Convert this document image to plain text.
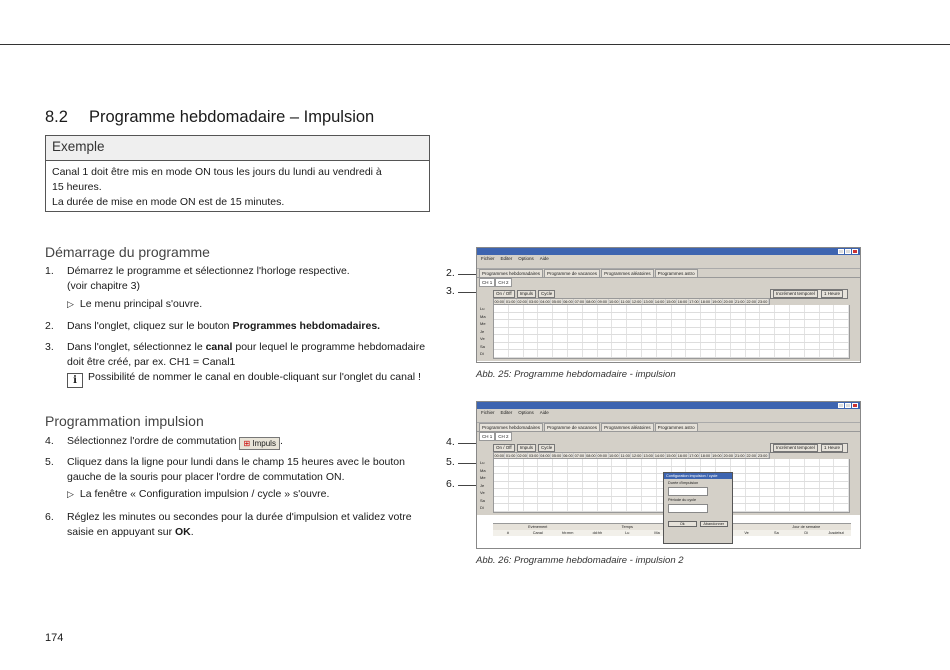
8.2 Programme hebdomadaire – Impulsion
Exemple
Canal 1 doit être mis en mode ON tous les jours du lundi au vendredi à
15 heures.
La durée de mise en mode ON est de 15 minutes.
Démarrage du programme
1. Démarrez le programme et sélectionnez l'horloge respective.
(voir chapitre 3)
▷ Le menu principal s'ouvre.
2. Dans l'onglet, cliquez sur le bouton Programmes hebdomadaires.
3. Dans l'onglet, sélectionnez le canal pour lequel le programme hebdomadaire
doit être créé, par ex. CH1 = Canal1
i Possibilité de nommer le canal en double-cliquant sur l'onglet du canal !
Programmation impulsion
4. Sélectionnez l'ordre de commutation ⊞ Impuls .
5. Cliquez dans la ligne pour lundi dans le champ 15 heures avec le bouton
gauche de la souris pour placer l'ordre de commutation ON.
▷ La fenêtre « Configuration impulsion / cycle » s'ouvre.
6. Réglez les minutes ou secondes pour la durée d'impulsion et validez votre
saisie en appuyant sur OK.
2.
3.
Fichier Editer Options Aide
Programmes hebdomadaires Programme de vacances Programmes aléatoires Programmes astro
CH 1 CH 2
On / Off Impuls Cycle	Incrément temporel 1 Heure
00:00 01:00 02:00 03:00 04:00 05:00 06:00 07:00 08:00 09:00 10:00 11:00 12:00 13:00 14:00 15:00 16:00 17:00 18:00 19:00 20:00 21:00 22:00 23:00
Lu
Ma
Me
Je
Ve
Sa
Di
Abb. 25: Programme hebdomadaire - impulsion
4.
5.
6.
Fichier Editer Options Aide
Programmes hebdomadaires Programme de vacances Programmes aléatoires Programmes astro
CH 1 CH 2
On / Off Impuls Cycle	Incrément temporel 1 Heure
00:00 01:00 02:00 03:00 04:00 05:00 06:00 07:00 08:00 09:00 10:00 11:00 12:00 13:00 14:00 15:00 16:00 17:00 18:00 19:00 20:00 21:00 22:00 23:00
Lu
Ma
Me
Je
Ve
Sa
Di
Evènement	Temps	Jour de semaine
#	Canal	hh:mm	dd:hh	Lu	Ma	Ve	Sa	Di	Jusdebut
Configuration impulsion / cycle
Durée d'impulsion
Période du cycle
Ok	Abandonner
Abb. 26: Programme hebdomadaire - impulsion 2
174
